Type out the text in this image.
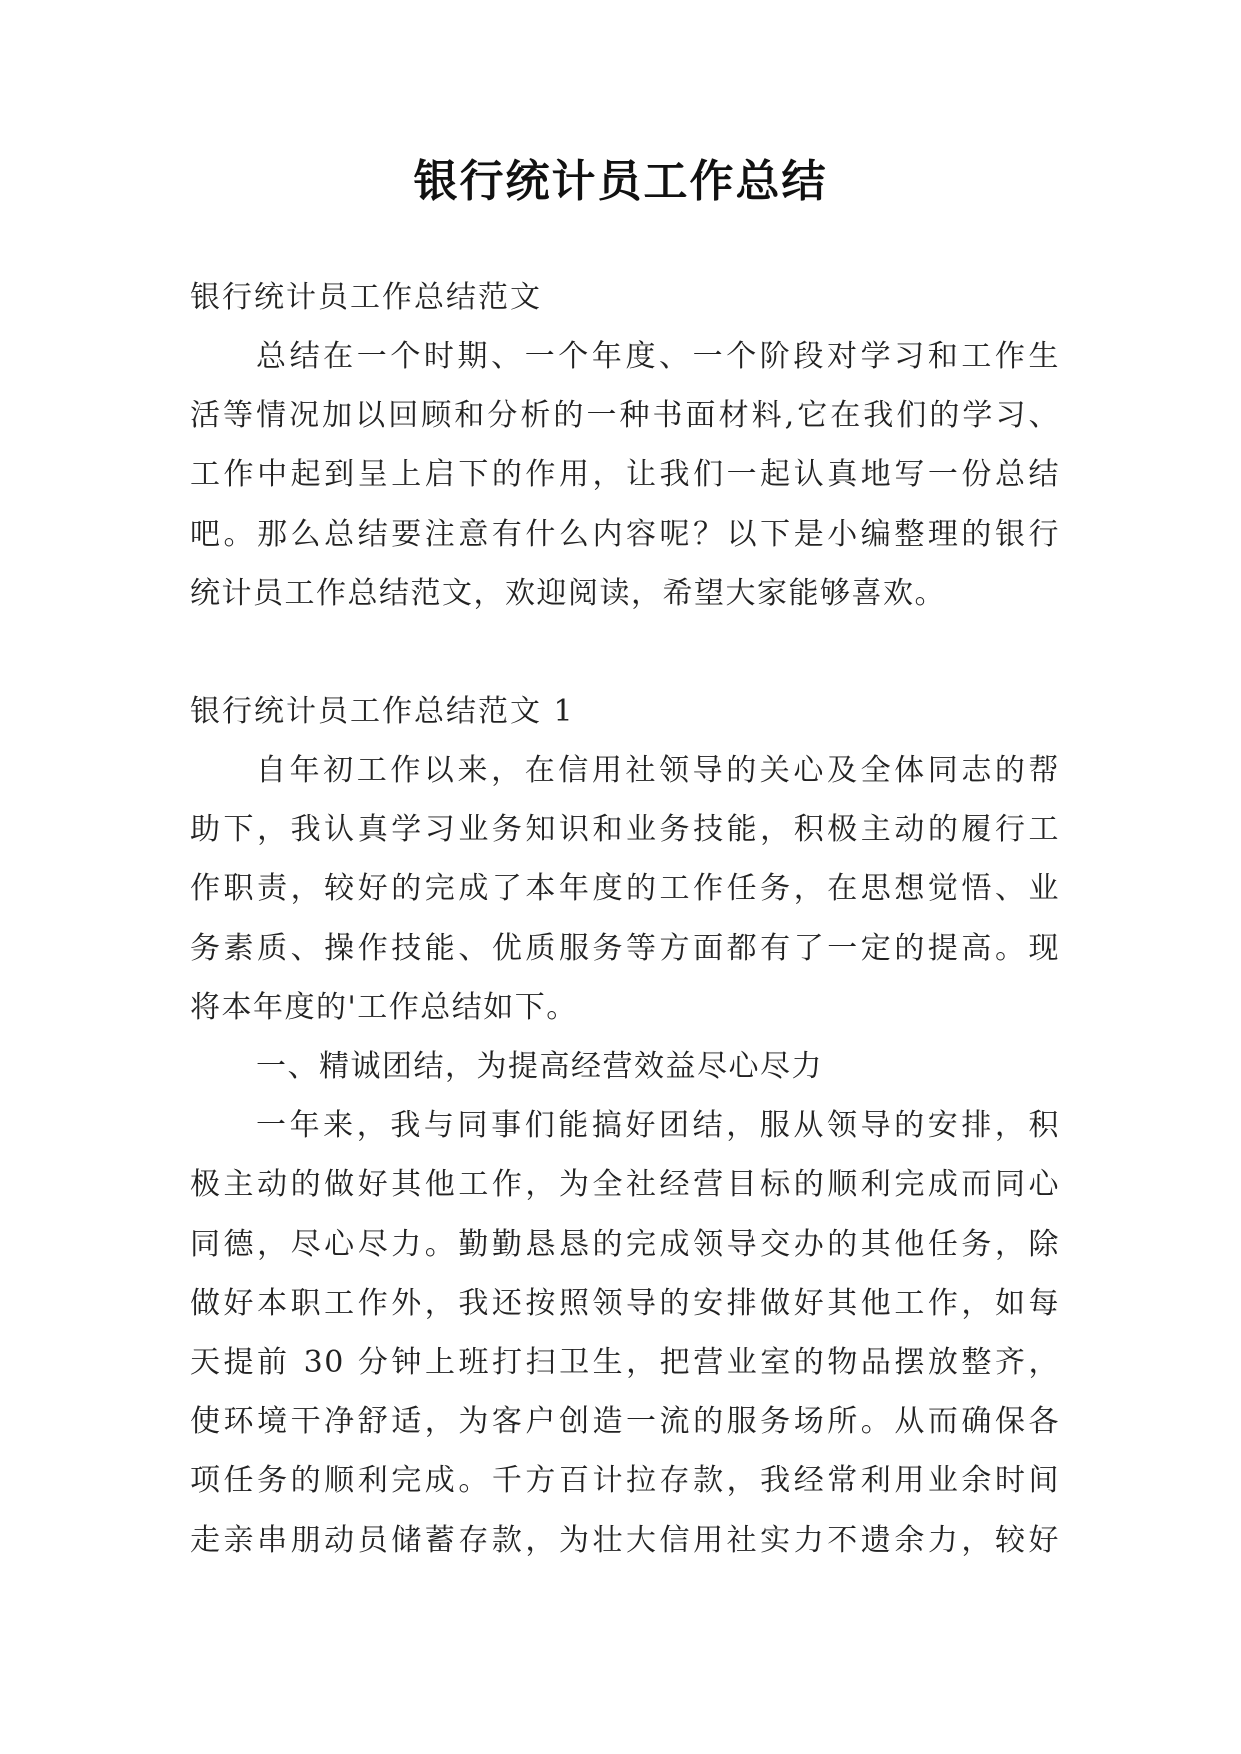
银行统计员工作总结

银行统计员工作总结范文

总结在一个时期、一个年度、一个阶段对学习和工作生
活等情况加以回顾和分析的一种书面材料,它在我们的学习、
工作中起到呈上启下的作用，让我们一起认真地写一份总结
吧。那么总结要注意有什么内容呢？以下是小编整理的银行
统计员工作总结范文，欢迎阅读，希望大家能够喜欢。

银行统计员工作总结范文 1

自年初工作以来，在信用社领导的关心及全体同志的帮
助下，我认真学习业务知识和业务技能，积极主动的履行工
作职责，较好的完成了本年度的工作任务，在思想觉悟、业
务素质、操作技能、优质服务等方面都有了一定的提高。现
将本年度的'工作总结如下。
一、精诚团结，为提高经营效益尽心尽力
一年来，我与同事们能搞好团结，服从领导的安排，积
极主动的做好其他工作，为全社经营目标的顺利完成而同心
同德，尽心尽力。勤勤恳恳的完成领导交办的其他任务，除
做好本职工作外，我还按照领导的安排做好其他工作，如每
天提前 30 分钟上班打扫卫生，把营业室的物品摆放整齐，
使环境干净舒适，为客户创造一流的服务场所。从而确保各
项任务的顺利完成。千方百计拉存款，我经常利用业余时间
走亲串朋动员储蓄存款，为壮大信用社实力不遗余力，较好
